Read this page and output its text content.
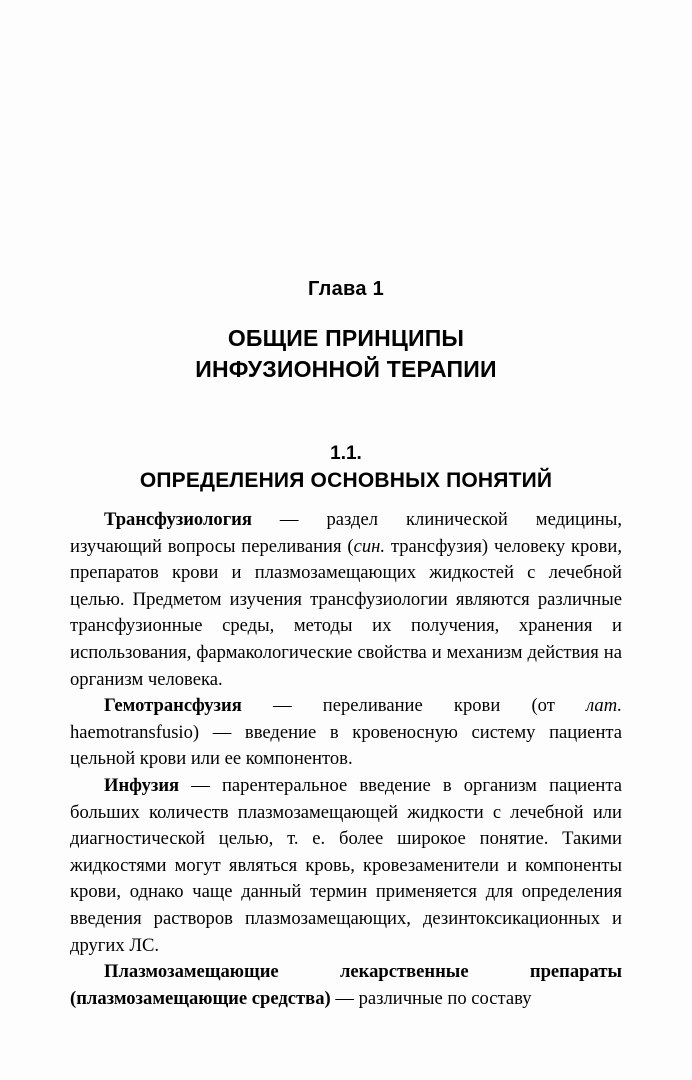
Глава 1
ОБЩИЕ ПРИНЦИПЫ
ИНФУЗИОННОЙ ТЕРАПИИ
1.1.
ОПРЕДЕЛЕНИЯ ОСНОВНЫХ ПОНЯТИЙ

Трансфузиология — раздел клинической медицины, изучающий вопросы переливания (син. трансфузия) человеку крови, препаратов крови и плазмозамещающих жидкостей с лечебной целью. Предметом изучения трансфузиологии являются различные трансфузионные среды, методы их получения, хранения и использования, фармакологические свойства и механизм действия на организм человека.

Гемотрансфузия — переливание крови (от лат. haemotransfusio) — введение в кровеносную систему пациента цельной крови или ее компонентов.

Инфузия — парентеральное введение в организм пациента больших количеств плазмозамещающей жидкости с лечебной или диагностической целью, т. е. более широкое понятие. Такими жидкостями могут являться кровь, кровезаменители и компоненты крови, однако чаще данный термин применяется для определения введения растворов плазмозамещающих, дезинтоксикационных и других ЛС.

Плазмозамещающие лекарственные препараты (плазмозамещающие средства) — различные по составу
